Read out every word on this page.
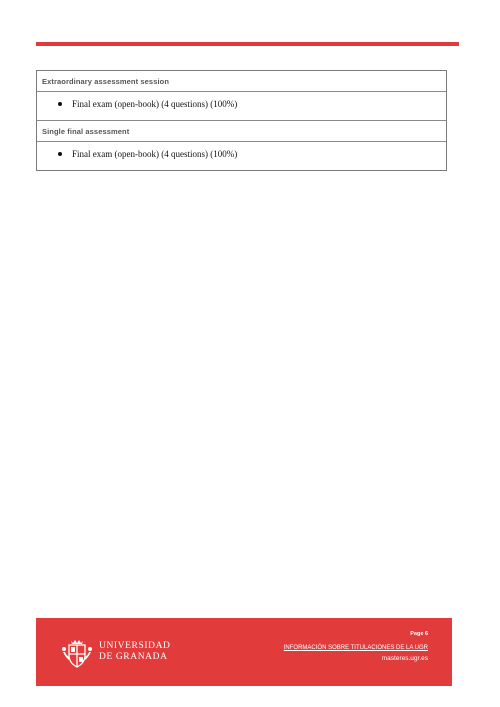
Extraordinary assessment session
Final exam (open-book) (4 questions) (100%)
Single final assessment
Final exam (open-book) (4 questions) (100%)
UNIVERSIDAD
DE GRANADA
Page 6
INFORMACIÓN SOBRE TITULACIONES DE LA UGR
masteres.ugr.es
